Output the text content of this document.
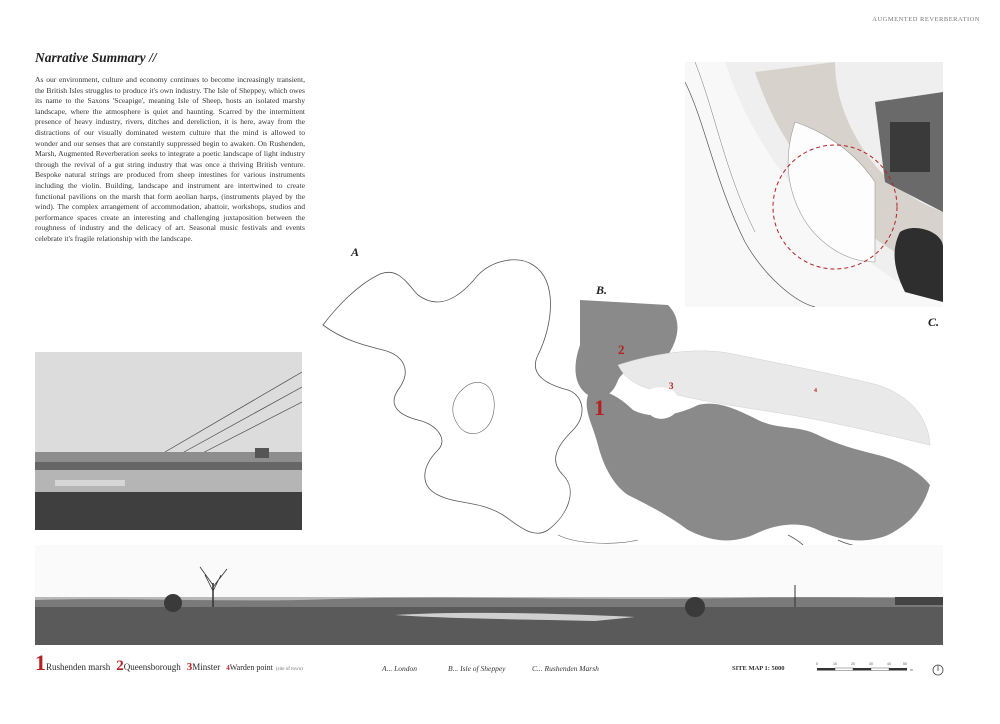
AUGMENTED REVERBERATION
Narrative Summary //
As our environment, culture and economy continues to become increasingly transient, the British Isles struggles to produce it's own industry. The Isle of Sheppey, which owes its name to the Saxons 'Sceapige', meaning Isle of Sheep, hosts an isolated marshy landscape, where the atmosphere is quiet and haunting. Scarred by the intermittent presence of heavy industry, rivers, ditches and dereliction, it is here, away from the distractions of our visually dominated western culture that the mind is allowed to wonder and our senses that are constantly suppressed begin to awaken. On Rushenden, Marsh, Augmented Reverberation seeks to integrate a poetic landscape of light industry through the revival of a gut string industry that was once a thriving British venture. Bespoke natural strings are produced from sheep intestines for various instruments including the violin. Building, landscape and instrument are intertwined to create functional pavilions on the marsh that form aeolian harps, (instruments played by the wind). The complex arrangement of accommodation, abattoir, workshops, studios and performance spaces create an interesting and challenging juxtaposition between the roughness of industry and the delicacy of art. Seasonal music festivals and events celebrate it's fragile relationship with the landscape.
A
B.
1
2
3	4
C.
1 Rushenden marsh 2 Queensborough 3 Minster 4 Warden point (site of town)	A... London	B... Isle of Sheppey	C... Rushenden Marsh	SITE MAP 1: 5000
0	10	20	30	40	50
m
